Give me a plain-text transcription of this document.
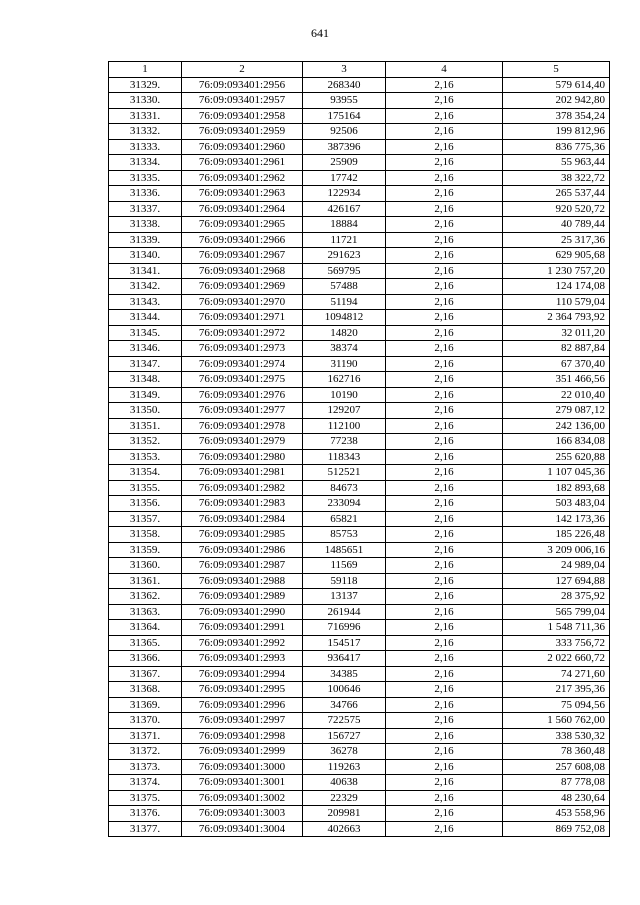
641
1	2	3	4	5
31329.	76:09:093401:2956	268340	2,16	579 614,40
31330.	76:09:093401:2957	93955	2,16	202 942,80
31331.	76:09:093401:2958	175164	2,16	378 354,24
31332.	76:09:093401:2959	92506	2,16	199 812,96
31333.	76:09:093401:2960	387396	2,16	836 775,36
31334.	76:09:093401:2961	25909	2,16	55 963,44
31335.	76:09:093401:2962	17742	2,16	38 322,72
31336.	76:09:093401:2963	122934	2,16	265 537,44
31337.	76:09:093401:2964	426167	2,16	920 520,72
31338.	76:09:093401:2965	18884	2,16	40 789,44
31339.	76:09:093401:2966	11721	2,16	25 317,36
31340.	76:09:093401:2967	291623	2,16	629 905,68
31341.	76:09:093401:2968	569795	2,16	1 230 757,20
31342.	76:09:093401:2969	57488	2,16	124 174,08
31343.	76:09:093401:2970	51194	2,16	110 579,04
31344.	76:09:093401:2971	1094812	2,16	2 364 793,92
31345.	76:09:093401:2972	14820	2,16	32 011,20
31346.	76:09:093401:2973	38374	2,16	82 887,84
31347.	76:09:093401:2974	31190	2,16	67 370,40
31348.	76:09:093401:2975	162716	2,16	351 466,56
31349.	76:09:093401:2976	10190	2,16	22 010,40
31350.	76:09:093401:2977	129207	2,16	279 087,12
31351.	76:09:093401:2978	112100	2,16	242 136,00
31352.	76:09:093401:2979	77238	2,16	166 834,08
31353.	76:09:093401:2980	118343	2,16	255 620,88
31354.	76:09:093401:2981	512521	2,16	1 107 045,36
31355.	76:09:093401:2982	84673	2,16	182 893,68
31356.	76:09:093401:2983	233094	2,16	503 483,04
31357.	76:09:093401:2984	65821	2,16	142 173,36
31358.	76:09:093401:2985	85753	2,16	185 226,48
31359.	76:09:093401:2986	1485651	2,16	3 209 006,16
31360.	76:09:093401:2987	11569	2,16	24 989,04
31361.	76:09:093401:2988	59118	2,16	127 694,88
31362.	76:09:093401:2989	13137	2,16	28 375,92
31363.	76:09:093401:2990	261944	2,16	565 799,04
31364.	76:09:093401:2991	716996	2,16	1 548 711,36
31365.	76:09:093401:2992	154517	2,16	333 756,72
31366.	76:09:093401:2993	936417	2,16	2 022 660,72
31367.	76:09:093401:2994	34385	2,16	74 271,60
31368.	76:09:093401:2995	100646	2,16	217 395,36
31369.	76:09:093401:2996	34766	2,16	75 094,56
31370.	76:09:093401:2997	722575	2,16	1 560 762,00
31371.	76:09:093401:2998	156727	2,16	338 530,32
31372.	76:09:093401:2999	36278	2,16	78 360,48
31373.	76:09:093401:3000	119263	2,16	257 608,08
31374.	76:09:093401:3001	40638	2,16	87 778,08
31375.	76:09:093401:3002	22329	2,16	48 230,64
31376.	76:09:093401:3003	209981	2,16	453 558,96
31377.	76:09:093401:3004	402663	2,16	869 752,08
